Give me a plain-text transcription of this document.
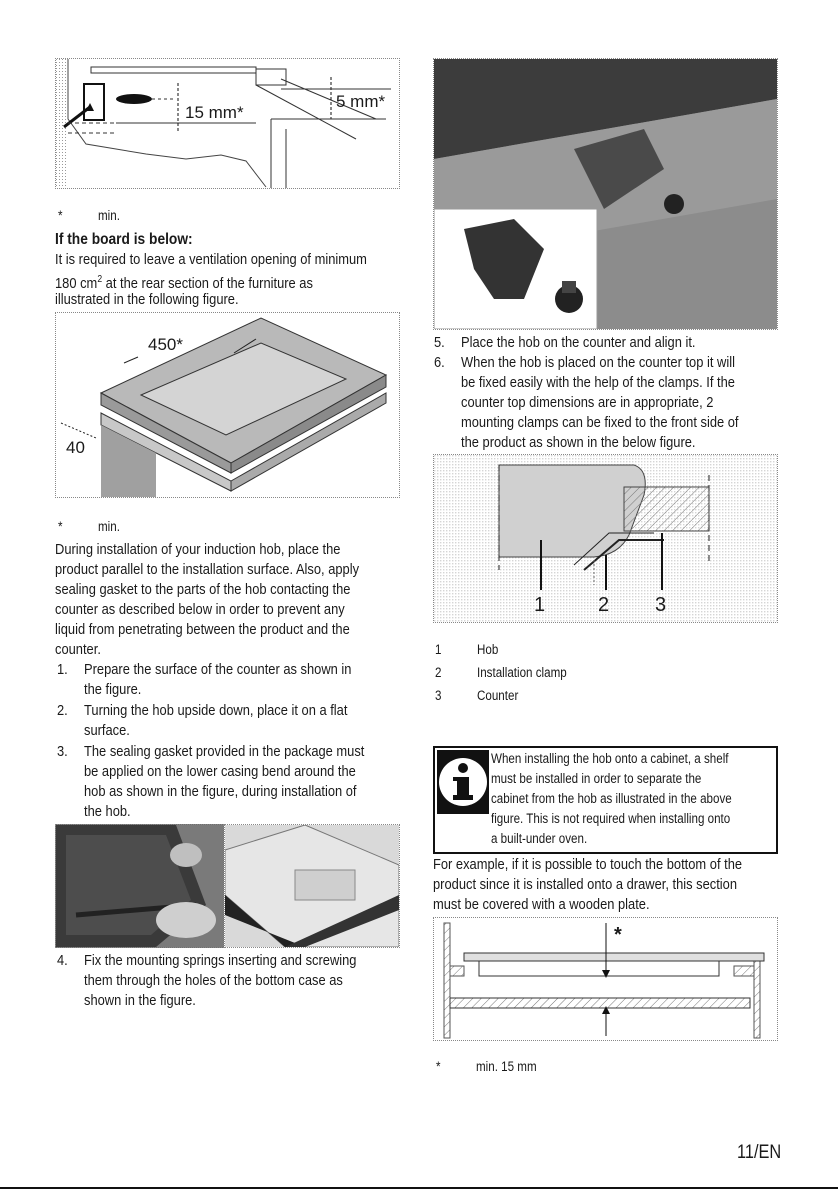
15 mm*
5 mm*
*	min.
If the board is below:
It is required to leave a ventilation opening of minimum
180 $cm^2$ at the rear section of the furniture as
illustrated in the following figure.
450*
40
*	min.
During installation of your induction hob, place the
product parallel to the installation surface. Also, apply
sealing gasket to the parts of the hob contacting the
counter as described below in order to prevent any
liquid from penetrating between the product and the
counter.
1. Prepare the surface of the counter as shown in
the figure.
2. Turning the hob upside down, place it on a flat
surface.
3. The sealing gasket provided in the package must
be applied on the lower casing bend around the
hob as shown in the figure, during installation of
the hob.
4. Fix the mounting springs inserting and screwing
them through the holes of the bottom case as
shown in the figure.
5. Place the hob on the counter and align it.
6. When the hob is placed on the counter top it will
be fixed easily with the help of the clamps. If the
counter top dimensions are in appropriate, 2
mounting clamps can be fixed to the front side of
the product as shown in the below figure.
1	2 3
1	Hob
2	Installation clamp
3	Counter
When installing the hob onto a cabinet, a shelf
must be installed in order to separate the
cabinet from the hob as illustrated in the above
figure. This is not required when installing onto
a built-under oven.
For example, if it is possible to touch the bottom of the
product since it is installed onto a drawer, this section
must be covered with a wooden plate.
*
*	min. 15 mm
11/EN
